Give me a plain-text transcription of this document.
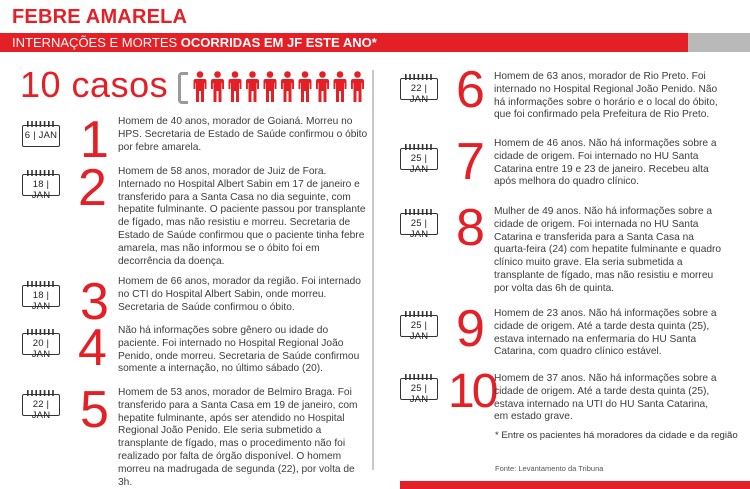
FEBRE AMARELA
INTERNAÇÕES E MORTES OCORRIDAS EM JF ESTE ANO*
10 casos
6 | JAN 1 Homem de 40 anos, morador de Goianá. Morreu no HPS. Secretaria de Estado de Saúde confirmou o óbito por febre amarela.
18 | JAN 2 Homem de 58 anos, morador de Juiz de Fora. Internado no Hospital Albert Sabin em 17 de janeiro e transferido para a Santa Casa no dia seguinte, com hepatite fulminante. O paciente passou por transplante de fígado, mas não resistiu e morreu. Secretaria de Estado de Saúde confirmou que o paciente tinha febre amarela, mas não informou se o óbito foi em decorrência da doença.
18 | JAN 3 Homem de 66 anos, morador da região. Foi internado no CTI do Hospital Albert Sabin, onde morreu. Secretaria de Saúde confirmou o óbito.
20 | JAN 4 Não há informações sobre gênero ou idade do paciente. Foi internado no Hospital Regional João Penido, onde morreu. Secretaria de Saúde confirmou somente a internação, no último sábado (20).
22 | JAN 5 Homem de 53 anos, morador de Belmiro Braga. Foi transferido para a Santa Casa em 19 de janeiro, com hepatite fulminante, após ser atendido no Hospital Regional João Penido. Ele seria submetido a transplante de fígado, mas o procedimento não foi realizado por falta de órgão disponível. O homem morreu na madrugada de segunda (22), por volta de 3h.
22 | JAN 6 Homem de 63 anos, morador de Rio Preto. Foi internado no Hospital Regional João Penido. Não há informações sobre o horário e o local do óbito, que foi confirmado pela Prefeitura de Rio Preto.
25 | JAN 7 Homem de 46 anos. Não há informações sobre a cidade de origem. Foi internado no HU Santa Catarina entre 19 e 23 de janeiro. Recebeu alta após melhora do quadro clínico.
25 | JAN 8 Mulher de 49 anos. Não há informações sobre a cidade de origem. Foi internada no HU Santa Catarina e transferida para a Santa Casa na quarta-feira (24) com hepatite fulminante e quadro clínico muito grave. Ela seria submetida a transplante de fígado, mas não resistiu e morreu por volta das 6h de quinta.
25 | JAN 9 Homem de 23 anos. Não há informações sobre a cidade de origem. Até a tarde desta quinta (25), estava internado na enfermaria do HU Santa Catarina, com quadro clínico estável.
25 | JAN 10
Homem de 37 anos. Não há informações sobre a cidade de origem. Até a tarde desta quinta (25), estava internado na UTI do HU Santa Catarina, em estado grave.
* Entre os pacientes há moradores da cidade e da região
Fonte: Levantamento da Tribuna
